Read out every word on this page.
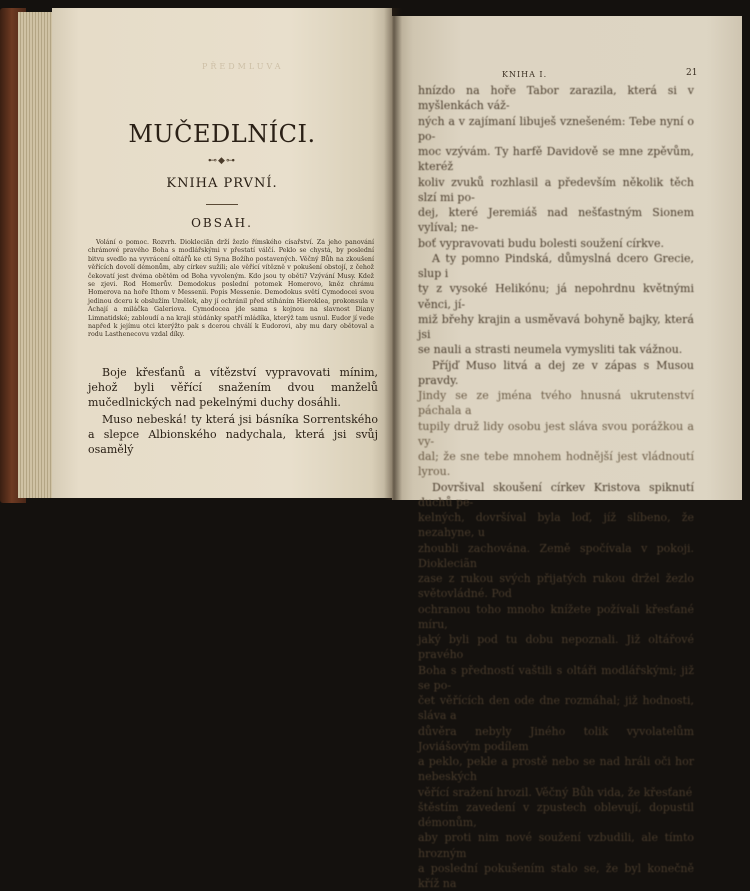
PŘEDMLUVA
MUČEDLNÍCI.
⊷◆⊶
KNIHA PRVNÍ.
OBSAH.

Volání o pomoc. Rozvrh. Diokleciãn drží žezlo římského císařství. Za jeho panování chrámové pravého Boha s modlářskými v přestatí válčí. Peklo se chystá, by poslední bitvu svedlo na vyvrácení oltářů ke cti Syna Božího postavených. Věčný Bůh na zkoušení věřících dovolí démonům, aby církev sužili; ale věřící vítězně v pokušení obstojí, z čehož čekovatí jest dvéma obětěm od Boha vyvolеným. Kdo jsou ty oběti? Vzývání Musy. Kdež se zjevi. Rod Homerův. Demodokus poslední potomek Homerovo, kněz chrámu Homerova na hoře Ithom v Messenii. Popis Messenie. Demodokus světí Cymodocei svou jedinou dceru k obslužím Umělek, aby jí ochránil před stíháním Hierokleа, prokonsula v Achají a miláčka Galeriova. Cymodocea jde sama s kojnou na slavnost Diany Limnatidské; zabloudí a na kraji stúdánky spatří mládíka, kterýž tam usnul. Eudor jí vede napřed k jejímu otci kterýžto pak s dcerou chválí k Eudorovi, aby mu dary obětoval a rodu Lastheneсovu vzdal díky.

Boje křesťanů a vítězství vypravovati mínim, jehož byli věřící snažením dvou manželů mučedlnických nad pekelnými duchy dosáhli.

Muso nebeská! ty která jsi básníka Sorrentského a slepce Albionského nadychala, která jsi svůj osamělý

KNIHA I.	21

hnízdo na hoře Tabor zarazila, která si v myšlenkách váž-

ných a v zajímaní libuješ vznešeném: Tebe nyní o po-

moc vzývám. Ty harfě Davidově se mne zpěvům, kteréž

koliv zvuků rozhlasil a především několik těch slzí mi po-

dej, které Jeremiáš nad nešťastným Sionem vylíval; ne-

boť vypravovati budu bolesti soužení církve.

A ty pomno Pindská, důmyslná dcero Grecie, slup i

ty z vysoké Helikónu; já nepohrdnu květnými věnci, jí-

miž břehy krajin a usměvavá bohyně bajky, která jsi

se nauli a strasti neumela vymyslіti tak vážnou.

Příjď Muso litvá a dej ze v zápas s Musou pravdy.

Jindy se ze jména tvého hnusná ukrutenství páchala a

tupily druž lidy osobu jest sláva svou porážkou a vy-

dal; že sne tebe mnohem hodnější jest vládnoutí lyrou.

Dovršival skoušení církev Kristova spiknutí duchů pe-

kelných, dovršíval byla loď, jíž slíbeno, že nezahyne, u

zhoubli zachována. Země spočívala v pokoji. Diokleciãn

zase z rukou svých přijatých rukou držel žezlo světovládné. Pod

ochranou toho mnoho knížete požívali křesťané míru,

jaký byli pod tu dobu nepoznali. Již oltářové pravého

Boha s předností vaštili s oltáři modlářskými; již se po-

čet věřících den ode dne rozmáhal; již hodnosti, sláva a

důvěra nebyly Jiného tolik vyvolatelům Joviášovým podílem

a peklo, pekle a prostě nebo se nad hráli oči hor nebeských

věřící sražení hrozil. Věčný Bůh vida, že křesťané

štěstím zavedení v zpustech oblevují, dopustil démonům,

aby proti nim nové soužení vzbudili, ale tímto hrozným

a poslední pokušením stalo se, že byl konečně kříž na
